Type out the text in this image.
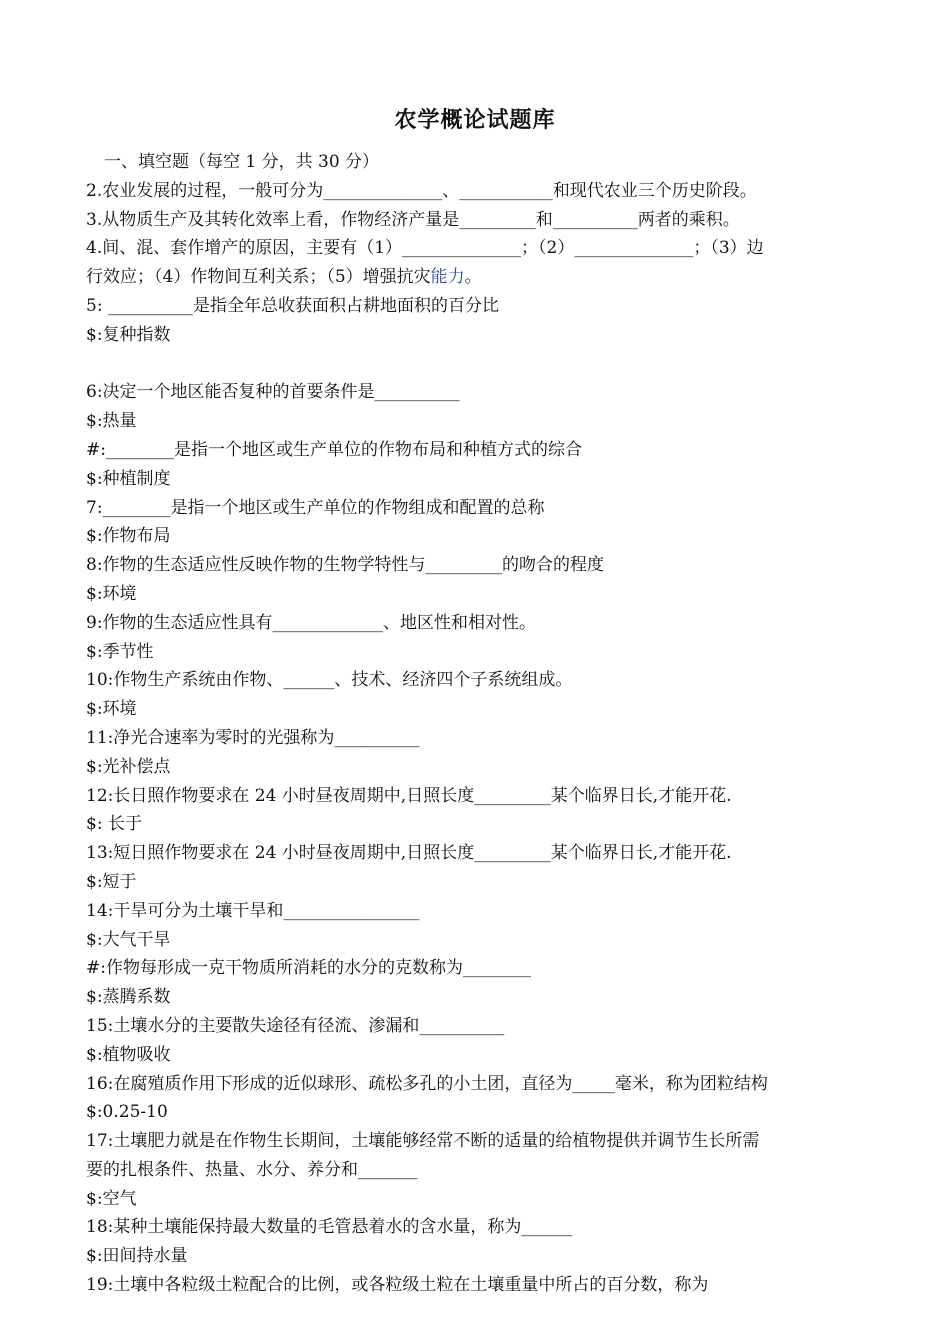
农学概论试题库
一、填空题（每空 1 分，共 30 分）
2.农业发展的过程，一般可分为______________、___________和现代农业三个历史阶段。
3.从物质生产及其转化效率上看，作物经济产量是_________和__________两者的乘积。
4.间、混、套作增产的原因，主要有（1）______________；（2）______________；（3）边
行效应；（4）作物间互利关系；（5）增强抗灾能力。
5: __________是指全年总收获面积占耕地面积的百分比
$:复种指数
6:决定一个地区能否复种的首要条件是__________
$:热量
#:________是指一个地区或生产单位的作物布局和种植方式的综合
$:种植制度
7:________是指一个地区或生产单位的作物组成和配置的总称
$:作物布局
8:作物的生态适应性反映作物的生物学特性与_________的吻合的程度
$:环境
9:作物的生态适应性具有_____________、地区性和相对性。
$:季节性
10:作物生产系统由作物、______、技术、经济四个子系统组成。
$:环境
11:净光合速率为零时的光强称为__________
$:光补偿点
12:长日照作物要求在 24 小时昼夜周期中,日照长度_________某个临界日长,才能开花.
$: 长于
13:短日照作物要求在 24 小时昼夜周期中,日照长度_________某个临界日长,才能开花.
$:短于
14:干旱可分为土壤干旱和________________
$:大气干旱
#:作物每形成一克干物质所消耗的水分的克数称为________
$:蒸腾系数
15:土壤水分的主要散失途径有径流、渗漏和__________
$:植物吸收
16:在腐殖质作用下形成的近似球形、疏松多孔的小土团，直径为_____毫米，称为团粒结构
$:0.25-10
17:土壤肥力就是在作物生长期间，土壤能够经常不断的适量的给植物提供并调节生长所需
要的扎根条件、热量、水分、养分和_______
$:空气
18:某种土壤能保持最大数量的毛管悬着水的含水量，称为______
$:田间持水量
19:土壤中各粒级土粒配合的比例，或各粒级土粒在土壤重量中所占的百分数，称为
